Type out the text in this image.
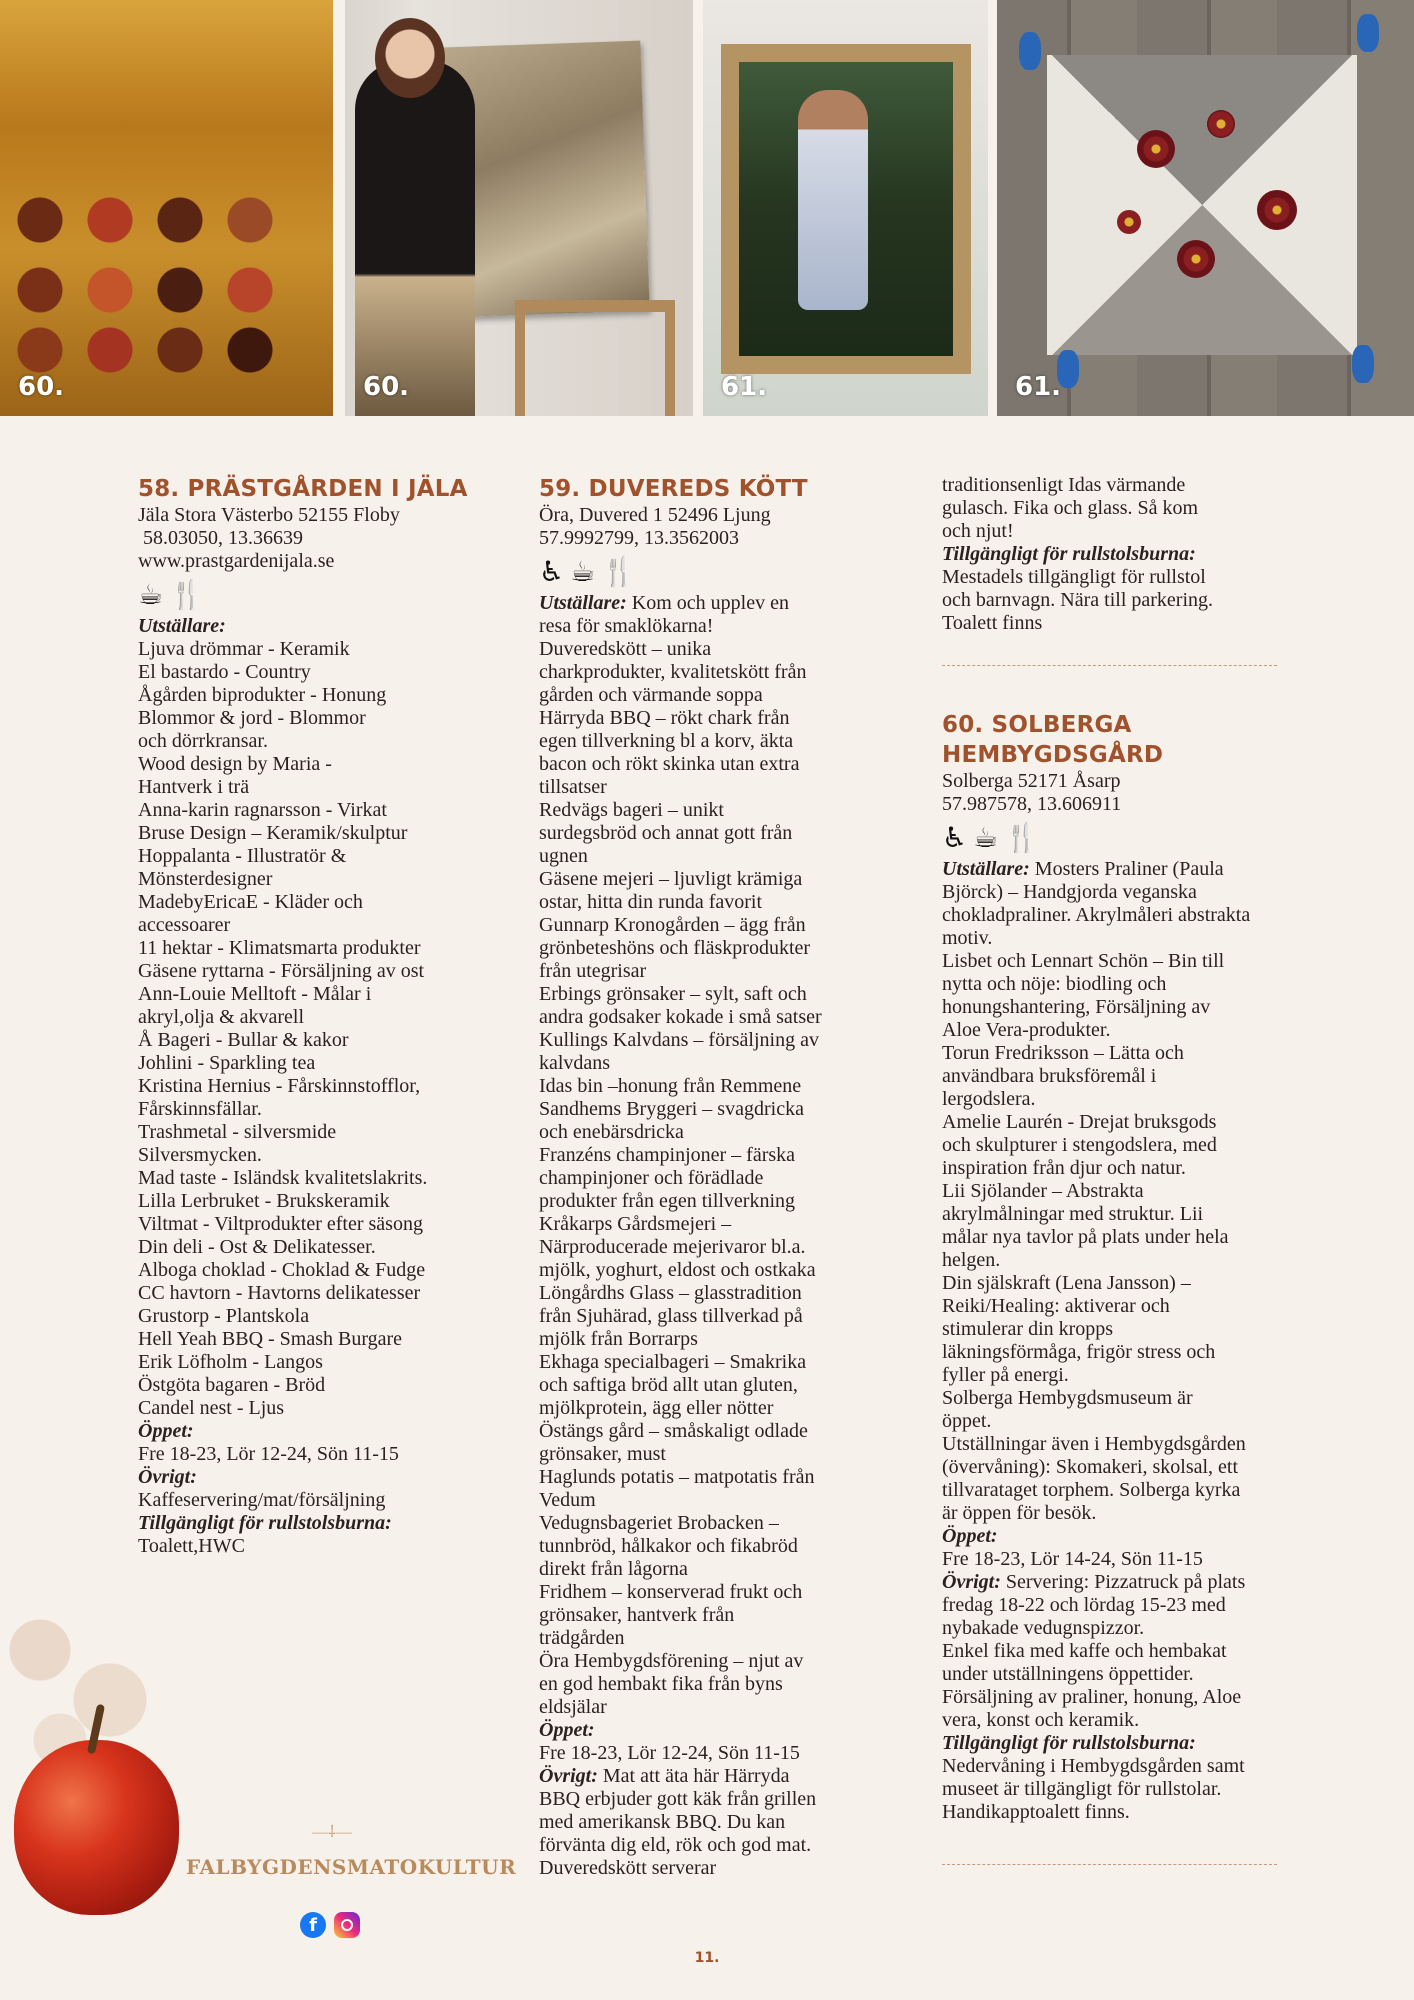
60.	60.	61.	61.
58. PRÄSTGÅRDEN I JÄLA

Jäla Stora Västerbo 52155 Floby

58.03050, 13.36639

www.prastgardenijala.se

☕ 🍴

Utställare:

Ljuva drömmar - Keramik

El bastardo - Country

Ågården biprodukter - Honung

Blommor & jord - Blommor

och dörrkransar.

Wood design by Maria -

Hantverk i trä

Anna-karin ragnarsson - Virkat

Bruse Design – Keramik/skulptur

Hoppalanta - Illustratör &

Mönsterdesigner

MadebyEricaE - Kläder och

accessoarer

11 hektar - Klimatsmarta produkter

Gäsene ryttarna - Försäljning av ost

Ann-Louie Melltoft - Målar i

akryl,olja & akvarell

Å Bageri - Bullar & kakor

Johlini - Sparkling tea

Kristina Hernius - Fårskinnstofflor,

Fårskinnsfällar.

Trashmetal - silversmide

Silversmycken.

Mad taste - Isländsk kvalitetslakrits.

Lilla Lerbruket - Brukskeramik

Viltmat - Viltprodukter efter säsong

Din deli - Ost & Delikatesser.

Alboga choklad - Choklad & Fudge

CC havtorn - Havtorns delikatesser

Grustorp - Plantskola

Hell Yeah BBQ - Smash Burgare

Erik Löfholm - Langos

Östgöta bagaren - Bröd

Candel nest - Ljus

Öppet:

Fre 18-23, Lör 12-24, Sön 11-15

Övrigt:

Kaffeservering/mat/försäljning

Tillgängligt för rullstolsburna:

Toalett,HWC

59. DUVEREDS KÖTT

Öra, Duvered 1 52496 Ljung

57.9992799, 13.3562003

♿ ☕ 🍴

Utställare: Kom och upplev en

resa för smaklökarna!

Duveredskött – unika

charkprodukter, kvalitetskött från

gården och värmande soppa

Härryda BBQ – rökt chark från

egen tillverkning bl a korv, äkta

bacon och rökt skinka utan extra

tillsatser

Redvägs bageri – unikt

surdegsbröd och annat gott från

ugnen

Gäsene mejeri – ljuvligt krämiga

ostar, hitta din runda favorit

Gunnarp Kronogården – ägg från

grönbeteshöns och fläskprodukter

från utegrisar

Erbings grönsaker – sylt, saft och

andra godsaker kokade i små satser

Kullings Kalvdans – försäljning av

kalvdans

Idas bin –honung från Remmene

Sandhems Bryggeri – svagdricka

och enebärsdricka

Franzéns champinjoner – färska

champinjoner och förädlade

produkter från egen tillverkning

Kråkarps Gårdsmejeri –

Närproducerade mejerivaror bl.a.

mjölk, yoghurt, eldost och ostkaka

Löngårdhs Glass – glasstradition

från Sjuhärad, glass tillverkad på

mjölk från Borrarps

Ekhaga specialbageri – Smakrika

och saftiga bröd allt utan gluten,

mjölkprotein, ägg eller nötter

Östängs gård – småskaligt odlade

grönsaker, must

Haglunds potatis – matpotatis från

Vedum

Vedugnsbageriet Brobacken –

tunnbröd, hålkakor och fikabröd

direkt från lågorna

Fridhem – konserverad frukt och

grönsaker, hantverk från

trädgården

Öra Hembygdsförening – njut av

en god hembakt fika från byns

eldsjälar

Öppet:

Fre 18-23, Lör 12-24, Sön 11-15

Övrigt: Mat att äta här Härryda

BBQ erbjuder gott käk från grillen

med amerikansk BBQ. Du kan

förvänta dig eld, rök och god mat.

Duveredskött serverar

traditionsenligt Idas värmande

gulasch. Fika och glass. Så kom

och njut!

Tillgängligt för rullstolsburna:

Mestadels tillgängligt för rullstol

och barnvagn. Nära till parkering.

Toalett finns

60. SOLBERGA HEMBYGDSGÅRD

Solberga 52171 Åsarp

57.987578, 13.606911

♿ ☕ 🍴

Utställare: Mosters Praliner (Paula

Björck) – Handgjorda veganska

chokladpraliner. Akrylmåleri abstrakta

motiv.

Lisbet och Lennart Schön – Bin till

nytta och nöje: biodling och

honungshantering, Försäljning av

Aloe Vera-produkter.

Torun Fredriksson – Lätta och

användbara bruksföremål i

lergodslera.

Amelie Laurén - Drejat bruksgods

och skulpturer i stengodslera, med

inspiration från djur och natur.

Lii Sjölander – Abstrakta

akrylmålningar med struktur. Lii

målar nya tavlor på plats under hela

helgen.

Din själskraft (Lena Jansson) –

Reiki/Healing: aktiverar och

stimulerar din kropps

läkningsförmåga, frigör stress och

fyller på energi.

Solberga Hembygdsmuseum är

öppet.

Utställningar även i Hembygdsgården

(övervåning): Skomakeri, skolsal, ett

tillvarataget torphem. Solberga kyrka

är öppen för besök.

Öppet:

Fre 18-23, Lör 14-24, Sön 11-15

Övrigt: Servering: Pizzatruck på plats

fredag 18-22 och lördag 15-23 med

nybakade vedugnspizzor.

Enkel fika med kaffe och hembakat

under utställningens öppettider.

Försäljning av praliner, honung, Aloe

vera, konst och keramik.

Tillgängligt för rullstolsburna:

Nedervåning i Hembygdsgården samt

museet är tillgängligt för rullstolar.

Handikapptoalett finns.

—⸸—
FALBYGDENSMATOKULTUR
f
11.
